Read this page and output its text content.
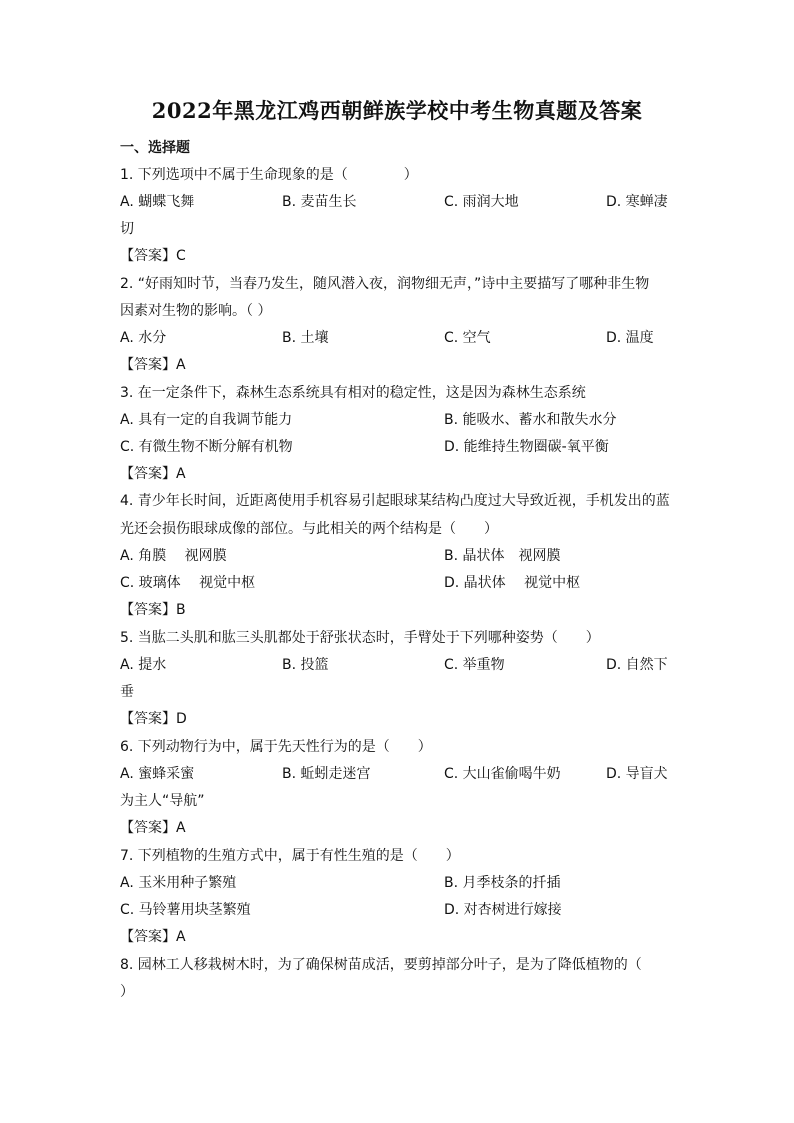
2022年黑龙江鸡西朝鲜族学校中考生物真题及答案
一、选择题
1. 下列选项中不属于生命现象的是（　　　　）
A. 蝴蝶飞舞	B. 麦苗生长	C. 雨润大地	D. 寒蝉凄
切
【答案】C
2. “好雨知时节，当春乃发生，随风潜入夜，润物细无声，”诗中主要描写了哪种非生物
因素对生物的影响。（ ）
A. 水分	B. 土壤	C. 空气	D. 温度
【答案】A
3. 在一定条件下，森林生态系统具有相对的稳定性，这是因为森林生态系统
A. 具有一定的自我调节能力	B. 能吸水、蓄水和散失水分
C. 有微生物不断分解有机物	D. 能维持生物圈碳-氧平衡
【答案】A
4. 青少年长时间，近距离使用手机容易引起眼球某结构凸度过大导致近视，手机发出的蓝
光还会损伤眼球成像的部位。与此相关的两个结构是（　　）
A. 角膜　 视网膜	B. 晶状体　视网膜
C. 玻璃体　 视觉中枢	D. 晶状体　 视觉中枢
【答案】B
5. 当肱二头肌和肱三头肌都处于舒张状态时，手臂处于下列哪种姿势（　　）
A. 提水	B. 投篮	C. 举重物	D. 自然下
垂
【答案】D
6. 下列动物行为中，属于先天性行为的是（　　）
A. 蜜蜂采蜜	B. 蚯蚓走迷宫	C. 大山雀偷喝牛奶	D. 导盲犬
为主人“导航”
【答案】A
7. 下列植物的生殖方式中，属于有性生殖的是（　　）
A. 玉米用种子繁殖	B. 月季枝条的扦插
C. 马铃薯用块茎繁殖	D. 对杏树进行嫁接
【答案】A
8. 园林工人移栽树木时，为了确保树苗成活，要剪掉部分叶子，是为了降低植物的（
）
